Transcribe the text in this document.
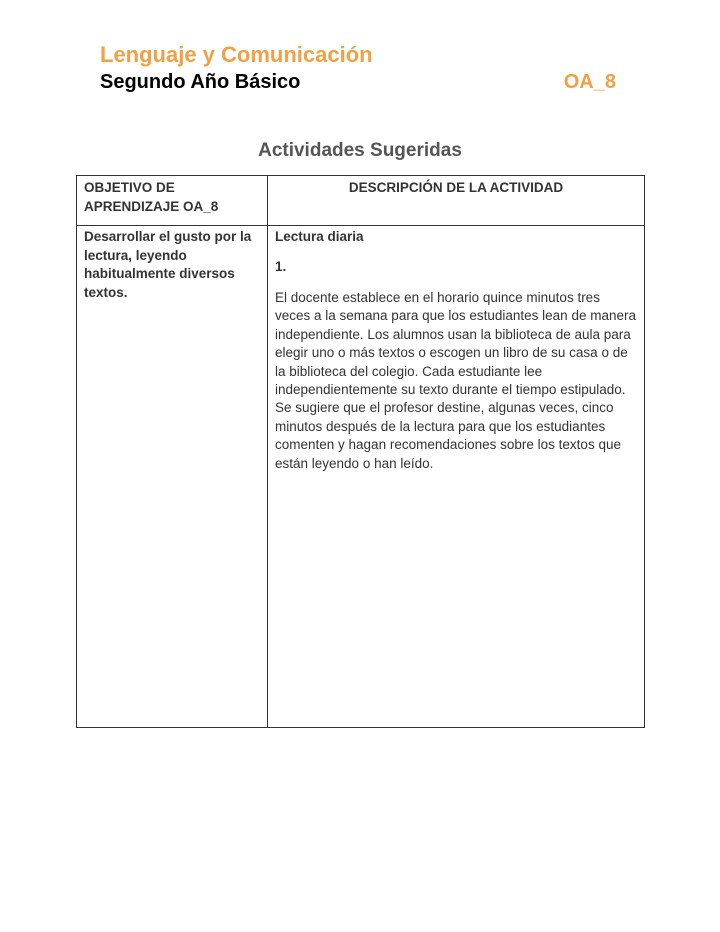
Lenguaje y Comunicación
Segundo Año Básico	OA_8
Actividades Sugeridas
OBJETIVO DE APRENDIZAJE OA_8	DESCRIPCIÓN DE LA ACTIVIDAD
Desarrollar el gusto por la lectura, leyendo habitualmente diversos textos.	Lectura diaria
1.
El docente establece en el horario quince minutos tres veces a la semana para que los estudiantes lean de manera independiente. Los alumnos usan la biblioteca de aula para elegir uno o más textos o escogen un libro de su casa o de la biblioteca del colegio. Cada estudiante lee independientemente su texto durante el tiempo estipulado. Se sugiere que el profesor destine, algunas veces, cinco minutos después de la lectura para que los estudiantes comenten y hagan recomendaciones sobre los textos que están leyendo o han leído.
